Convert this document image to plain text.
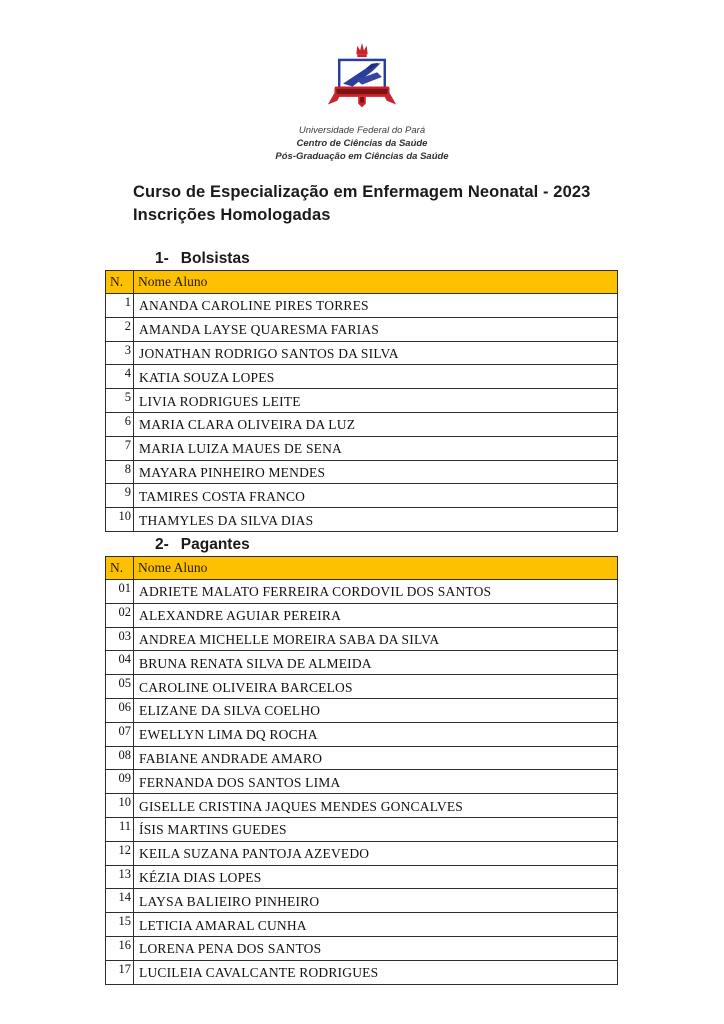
Universidade Federal do Pará
Centro de Ciências da Saúde
Pós-Graduação em Ciências da Saúde
Curso de Especialização em Enfermagem Neonatal - 2023
Inscrições Homologadas
1- Bolsistas
N.	Nome Aluno
1	ANANDA CAROLINE PIRES TORRES
2	AMANDA LAYSE QUARESMA FARIAS
3	JONATHAN RODRIGO SANTOS DA SILVA
4	KATIA SOUZA LOPES
5	LIVIA RODRIGUES LEITE
6	MARIA CLARA OLIVEIRA DA LUZ
7	MARIA LUIZA MAUES DE SENA
8	MAYARA PINHEIRO MENDES
9	TAMIRES COSTA FRANCO
10	THAMYLES DA SILVA DIAS
2- Pagantes
N.	Nome Aluno
01	ADRIETE MALATO FERREIRA CORDOVIL DOS SANTOS
02	ALEXANDRE AGUIAR PEREIRA
03	ANDREA MICHELLE MOREIRA SABA DA SILVA
04	BRUNA RENATA SILVA DE ALMEIDA
05	CAROLINE OLIVEIRA BARCELOS
06	ELIZANE DA SILVA COELHO
07	EWELLYN LIMA DQ ROCHA
08	FABIANE ANDRADE AMARO
09	FERNANDA DOS SANTOS LIMA
10	GISELLE CRISTINA JAQUES MENDES GONCALVES
11	ÍSIS MARTINS GUEDES
12	KEILA SUZANA PANTOJA AZEVEDO
13	KÉZIA DIAS LOPES
14	LAYSA BALIEIRO PINHEIRO
15	LETICIA AMARAL CUNHA
16	LORENA PENA DOS SANTOS
17	LUCILEIA CAVALCANTE RODRIGUES
